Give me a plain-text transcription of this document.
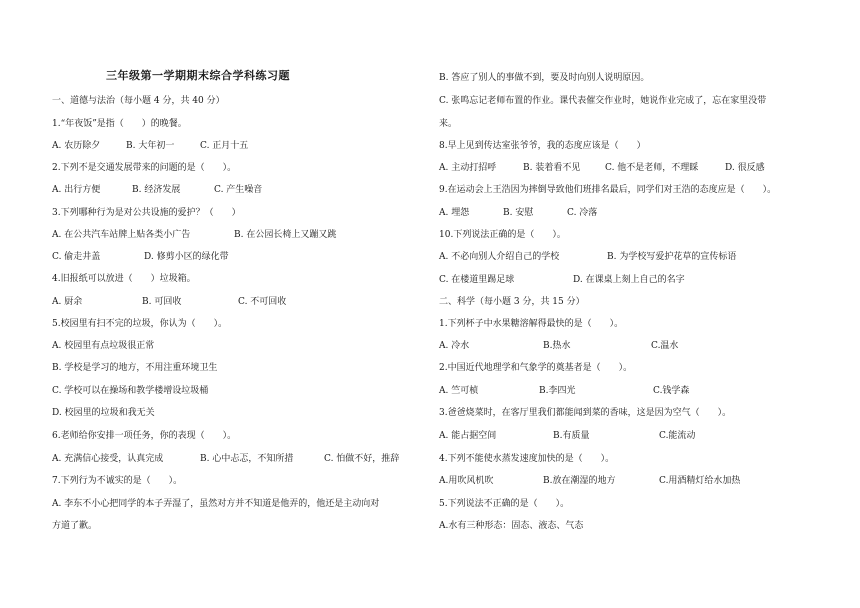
三年级第一学期期末综合学科练习题
一、道德与法治（每小题 4 分，共 40 分）
1.“年夜饭”是指（　　）的晚餐。
A. 农历除夕	B. 大年初一	C. 正月十五
2.下列不是交通发展带来的问题的是（　　）。
A. 出行方便	B. 经济发展	C. 产生噪音
3.下列哪种行为是对公共设施的爱护？（　　）
A. 在公共汽车站牌上贴各类小广告	B. 在公园长椅上又蹦又跳
C. 偷走井盖	D. 修剪小区的绿化带
4.旧报纸可以放进（　　）垃圾箱。
A. 厨余	B. 可回收	C. 不可回收
5.校园里有扫不完的垃圾，你认为（　　）。
A. 校园里有点垃圾很正常
B. 学校是学习的地方，不用注重环境卫生
C. 学校可以在操场和教学楼增设垃圾桶
D. 校园里的垃圾和我无关
6.老师给你安排一项任务，你的表现（　　）。
A. 充满信心接受，认真完成	B. 心中忐忑，不知所措	C. 怕做不好，推辞
7.下列行为不诚实的是（　　）。
A. 李东不小心把同学的本子弄湿了，虽然对方并不知道是他弄的，他还是主动向对
方道了歉。
B. 答应了别人的事做不到，要及时向别人说明原因。
C. 张鸣忘记老师布置的作业。课代表催交作业时，她说作业完成了，忘在家里没带
来。
8.早上见到传达室张爷爷，我的态度应该是（　　）
A. 主动打招呼	B. 装着看不见	C. 他不是老师，不理睬	D. 很反感
9.在运动会上王浩因为摔倒导致他们班排名最后，同学们对王浩的态度应是（　　）。
A. 埋怨	B. 安慰	C. 冷落
10.下列说法正确的是（　　）。
A. 不必向别人介绍自己的学校	B. 为学校写爱护花草的宣传标语
C. 在楼道里踢足球	D. 在课桌上刻上自己的名字
二、科学（每小题 3 分，共 15 分）
1.下列杯子中水果糖溶解得最快的是（　　）。
A. 冷水	B.热水	C.温水
2.中国近代地理学和气象学的奠基者是（　　）。
A. 竺可桢	B.李四光	C.钱学森
3.爸爸烧菜时，在客厅里我们都能闻到菜的香味，这是因为空气（　　）。
A. 能占据空间	B.有质量	C.能流动
4.下列不能使水蒸发速度加快的是（　　）。
A.用吹风机吹	B.放在潮湿的地方	C.用酒精灯给水加热
5.下列说法不正确的是（　　）。
A.水有三种形态：固态、液态、气态
